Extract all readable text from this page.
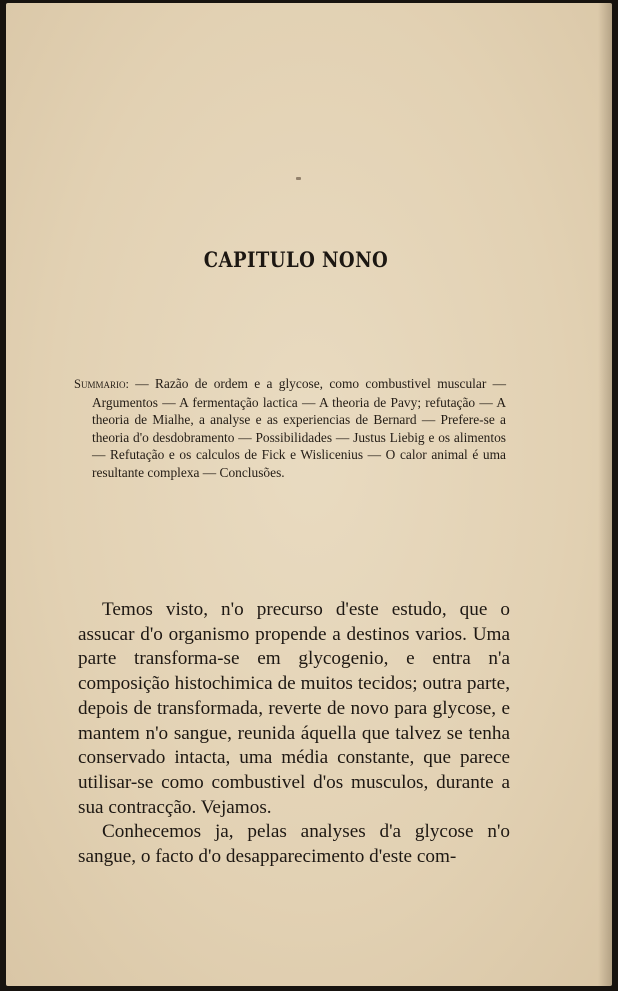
CAPITULO NONO
Summario: — Razão de ordem e a glycose, como combustivel muscular — Argumentos — A fermentação lactica — A theoria de Pavy; refutação — A theoria de Mialhe, a analyse e as experiencias de Bernard — Prefere-se a theoria d'o desdobramento — Possibilidades — Justus Liebig e os alimentos — Refutação e os calculos de Fick e Wislicenius — O calor animal é uma resultante complexa — Conclusões.

Temos visto, n'o precurso d'este estudo, que o assucar d'o organismo propende a destinos varios. Uma parte transforma-se em glycogenio, e entra n'a composição histochimica de muitos tecidos; outra parte, depois de transformada, reverte de novo para glycose, e mantem n'o sangue, reunida áquella que talvez se tenha conservado intacta, uma média constante, que parece utilisar-se como combustivel d'os musculos, durante a sua contracção. Vejamos.

Conhecemos ja, pelas analyses d'a glycose n'o sangue, o facto d'o desapparecimento d'este com-
